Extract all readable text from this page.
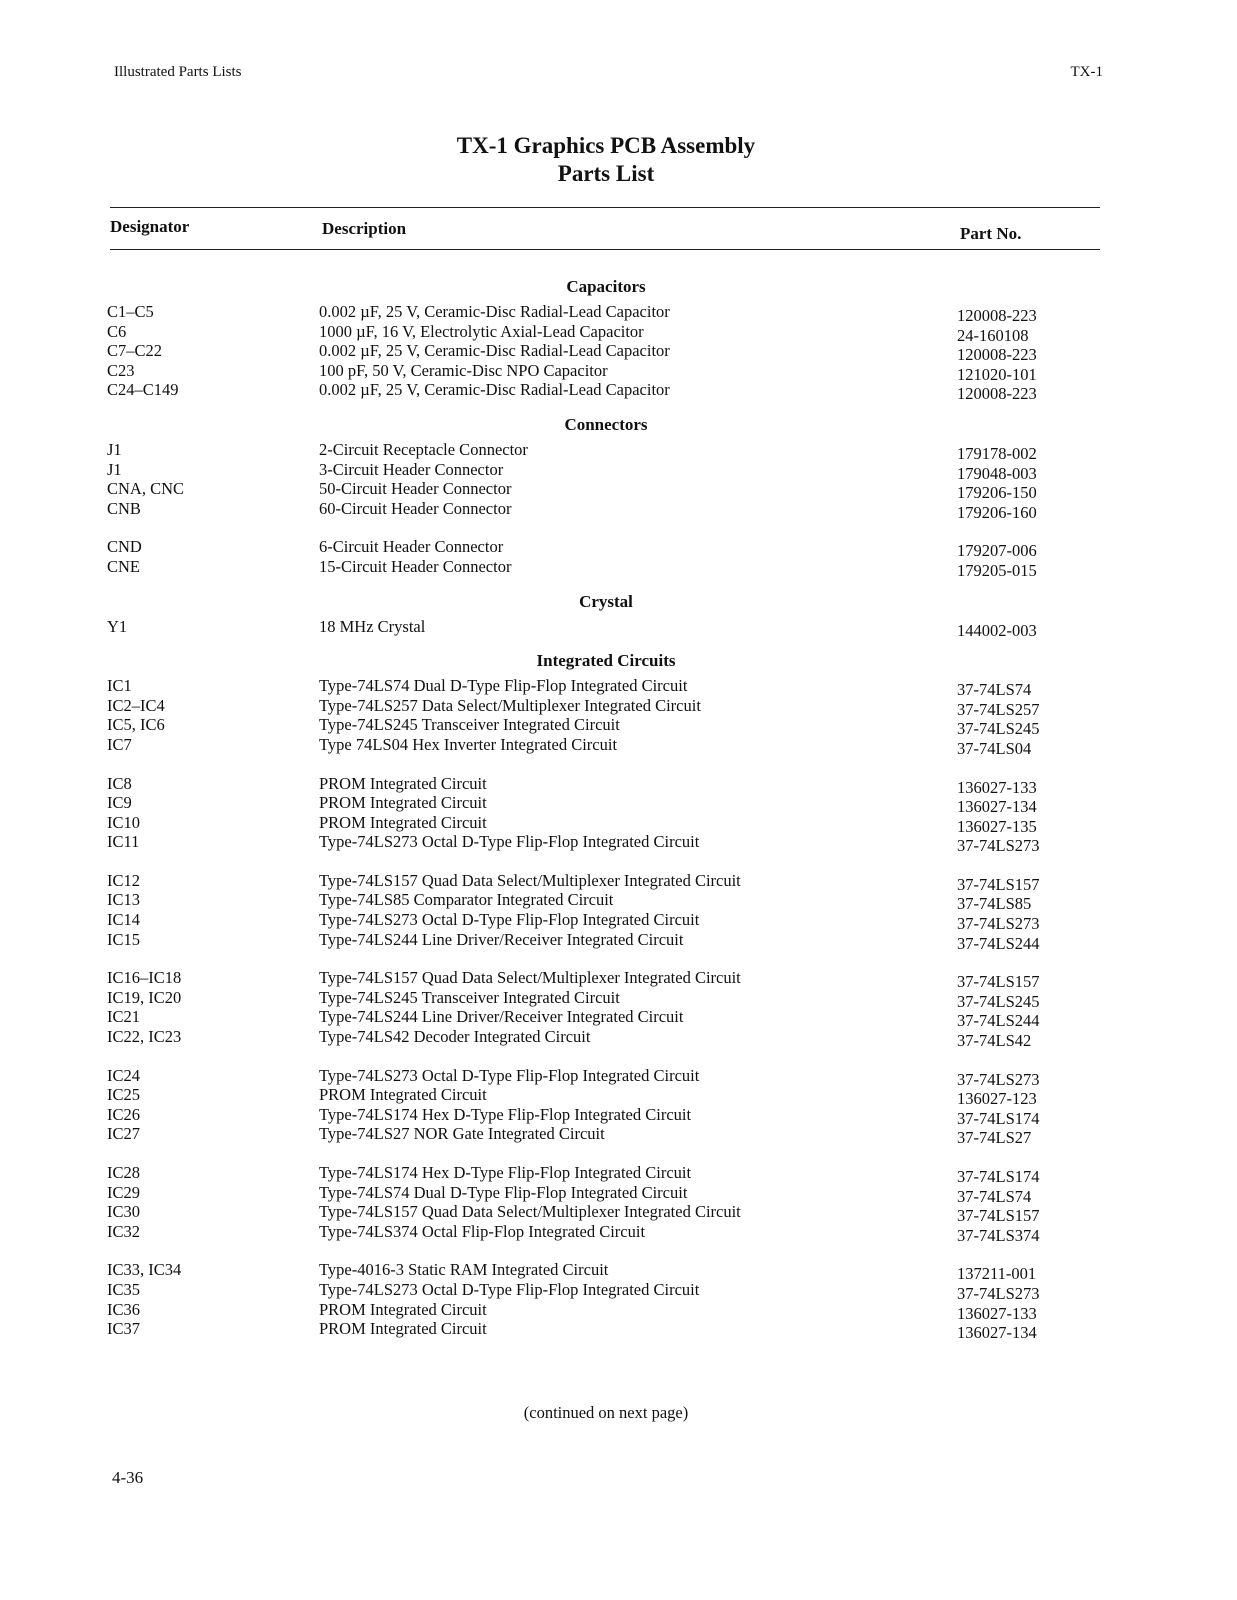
Illustrated Parts Lists	TX-1
TX-1 Graphics PCB Assembly
Parts List
Designator	Description	Part No.
Capacitors
C1–C5	0.002 µF, 25 V, Ceramic-Disc Radial-Lead Capacitor	120008-223
C6	1000 µF, 16 V, Electrolytic Axial-Lead Capacitor	24-160108
C7–C22	0.002 µF, 25 V, Ceramic-Disc Radial-Lead Capacitor	120008-223
C23	100 pF, 50 V, Ceramic-Disc NPO Capacitor	121020-101
C24–C149	0.002 µF, 25 V, Ceramic-Disc Radial-Lead Capacitor	120008-223
Connectors
J1	2-Circuit Receptacle Connector	179178-002
J1	3-Circuit Header Connector	179048-003
CNA, CNC	50-Circuit Header Connector	179206-150
CNB	60-Circuit Header Connector	179206-160
CND	6-Circuit Header Connector	179207-006
CNE	15-Circuit Header Connector	179205-015
Crystal
Y1	18 MHz Crystal	144002-003
Integrated Circuits
IC1	Type-74LS74 Dual D-Type Flip-Flop Integrated Circuit	37-74LS74
IC2–IC4	Type-74LS257 Data Select/Multiplexer Integrated Circuit	37-74LS257
IC5, IC6	Type-74LS245 Transceiver Integrated Circuit	37-74LS245
IC7	Type 74LS04 Hex Inverter Integrated Circuit	37-74LS04
IC8	PROM Integrated Circuit	136027-133
IC9	PROM Integrated Circuit	136027-134
IC10	PROM Integrated Circuit	136027-135
IC11	Type-74LS273 Octal D-Type Flip-Flop Integrated Circuit	37-74LS273
IC12	Type-74LS157 Quad Data Select/Multiplexer Integrated Circuit	37-74LS157
IC13	Type-74LS85 Comparator Integrated Circuit	37-74LS85
IC14	Type-74LS273 Octal D-Type Flip-Flop Integrated Circuit	37-74LS273
IC15	Type-74LS244 Line Driver/Receiver Integrated Circuit	37-74LS244
IC16–IC18	Type-74LS157 Quad Data Select/Multiplexer Integrated Circuit	37-74LS157
IC19, IC20	Type-74LS245 Transceiver Integrated Circuit	37-74LS245
IC21	Type-74LS244 Line Driver/Receiver Integrated Circuit	37-74LS244
IC22, IC23	Type-74LS42 Decoder Integrated Circuit	37-74LS42
IC24	Type-74LS273 Octal D-Type Flip-Flop Integrated Circuit	37-74LS273
IC25	PROM Integrated Circuit	136027-123
IC26	Type-74LS174 Hex D-Type Flip-Flop Integrated Circuit	37-74LS174
IC27	Type-74LS27 NOR Gate Integrated Circuit	37-74LS27
IC28	Type-74LS174 Hex D-Type Flip-Flop Integrated Circuit	37-74LS174
IC29	Type-74LS74 Dual D-Type Flip-Flop Integrated Circuit	37-74LS74
IC30	Type-74LS157 Quad Data Select/Multiplexer Integrated Circuit	37-74LS157
IC32	Type-74LS374 Octal Flip-Flop Integrated Circuit	37-74LS374
IC33, IC34	Type-4016-3 Static RAM Integrated Circuit	137211-001
IC35	Type-74LS273 Octal D-Type Flip-Flop Integrated Circuit	37-74LS273
IC36	PROM Integrated Circuit	136027-133
IC37	PROM Integrated Circuit	136027-134
(continued on next page)
4-36
